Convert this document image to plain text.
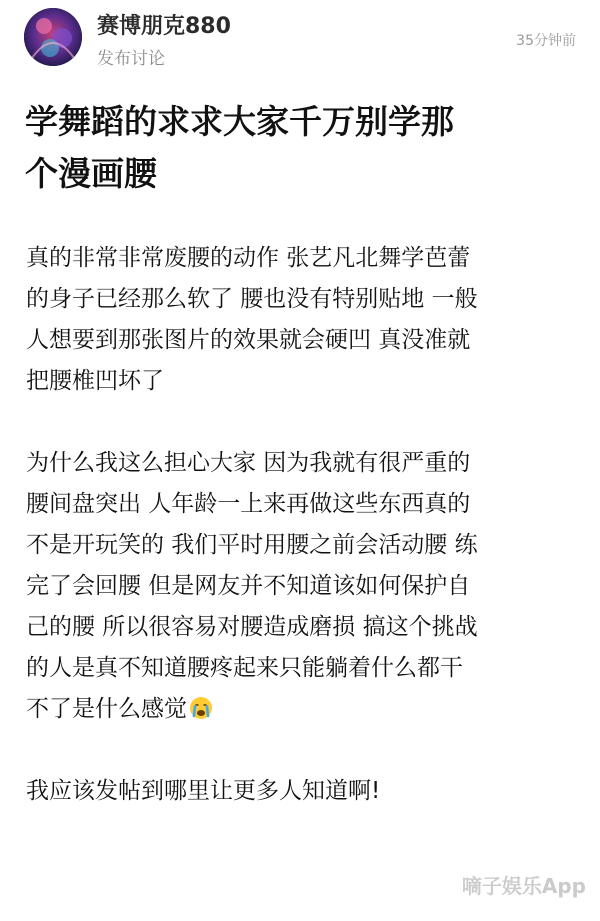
赛博朋克880
发布讨论
35分钟前
学舞蹈的求求大家千万别学那
个漫画腰
真的非常非常废腰的动作 张艺凡北舞学芭蕾
的身子已经那么软了 腰也没有特别贴地 一般
人想要到那张图片的效果就会硬凹 真没准就
把腰椎凹坏了
为什么我这么担心大家 因为我就有很严重的
腰间盘突出 人年龄一上来再做这些东西真的
不是开玩笑的 我们平时用腰之前会活动腰 练
完了会回腰 但是网友并不知道该如何保护自
己的腰 所以很容易对腰造成磨损 搞这个挑战
的人是真不知道腰疼起来只能躺着什么都干
不了是什么感觉
我应该发帖到哪里让更多人知道啊!
嘀子娱乐App
